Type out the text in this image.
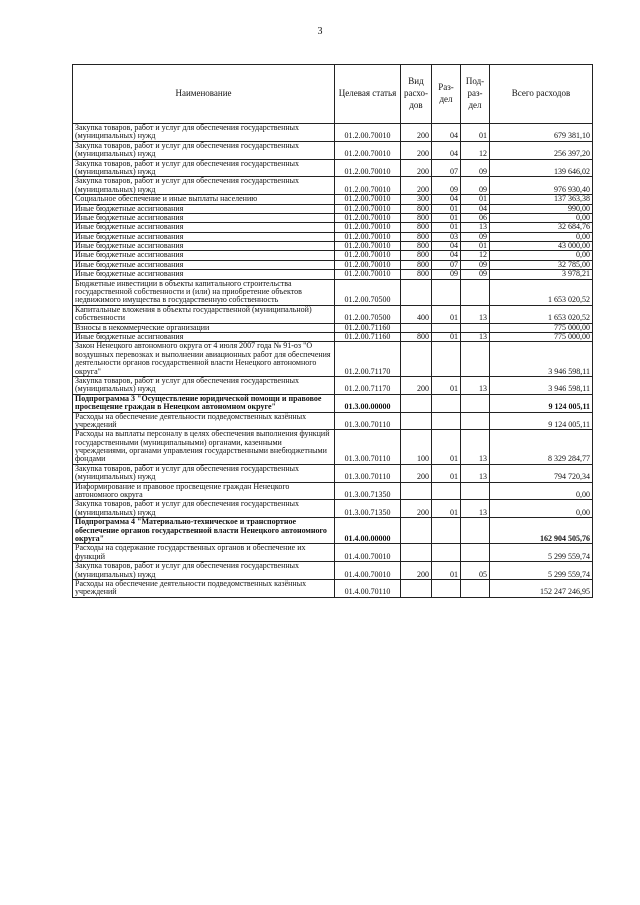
3
Наименование	Целевая статья	Вид расхо-дов	Раз-дел	Под-раз-дел	Всего расходов
Закупка товаров, работ и услуг для обеспечения государственных (муниципальных) нужд	01.2.00.70010	200	04	01	679 381,10
Закупка товаров, работ и услуг для обеспечения государственных (муниципальных) нужд	01.2.00.70010	200	04	12	256 397,20
Закупка товаров, работ и услуг для обеспечения государственных (муниципальных) нужд	01.2.00.70010	200	07	09	139 646,02
Закупка товаров, работ и услуг для обеспечения государственных (муниципальных) нужд	01.2.00.70010	200	09	09	976 930,40
Социальное обеспечение и иные выплаты населению	01.2.00.70010	300	04	01	137 363,38
Иные бюджетные ассигнования	01.2.00.70010	800	01	04	990,00
Иные бюджетные ассигнования	01.2.00.70010	800	01	06	0,00
Иные бюджетные ассигнования	01.2.00.70010	800	01	13	32 684,76
Иные бюджетные ассигнования	01.2.00.70010	800	03	09	0,00
Иные бюджетные ассигнования	01.2.00.70010	800	04	01	43 000,00
Иные бюджетные ассигнования	01.2.00.70010	800	04	12	0,00
Иные бюджетные ассигнования	01.2.00.70010	800	07	09	32 785,00
Иные бюджетные ассигнования	01.2.00.70010	800	09	09	3 978,21
Бюджетные инвестиции в объекты капитального строительства государственной собственности и (или) на приобретение объектов недвижимого имущества в государственную собственность	01.2.00.70500				1 653 020,52
Капитальные вложения в объекты государственной (муниципальной) собственности	01.2.00.70500	400	01	13	1 653 020,52
Взносы в некоммерческие организации	01.2.00.71160				775 000,00
Иные бюджетные ассигнования	01.2.00.71160	800	01	13	775 000,00
Закон Ненецкого автономного округа от 4 июля 2007 года № 91-оз "О воздушных перевозках и выполнении авиационных работ для обеспечения деятельности органов государственной власти Ненецкого автономного округа"	01.2.00.71170				3 946 598,11
Закупка товаров, работ и услуг для обеспечения государственных (муниципальных) нужд	01.2.00.71170	200	01	13	3 946 598,11
Подпрограмма 3 "Осуществление юридической помощи и правовое просвещение граждан в Ненецком автономном округе"	01.3.00.00000				9 124 005,11
Расходы на обеспечение деятельности подведомственных казённых учреждений	01.3.00.70110				9 124 005,11
Расходы на выплаты персоналу в целях обеспечения выполнения функций государственными (муниципальными) органами, казенными учреждениями, органами управления государственными внебюджетными фондами	01.3.00.70110	100	01	13	8 329 284,77
Закупка товаров, работ и услуг для обеспечения государственных (муниципальных) нужд	01.3.00.70110	200	01	13	794 720,34
Информирование и правовое просвещение граждан Ненецкого автономного округа	01.3.00.71350				0,00
Закупка товаров, работ и услуг для обеспечения государственных (муниципальных) нужд	01.3.00.71350	200	01	13	0,00
Подпрограмма 4 "Материально-техническое и транспортное обеспечение органов государственной власти Ненецкого автономного округа"	01.4.00.00000				162 904 505,76
Расходы на содержание государственных органов и обеспечение их функций	01.4.00.70010				5 299 559,74
Закупка товаров, работ и услуг для обеспечения государственных (муниципальных) нужд	01.4.00.70010	200	01	05	5 299 559,74
Расходы на обеспечение деятельности подведомственных казённых учреждений	01.4.00.70110				152 247 246,95
